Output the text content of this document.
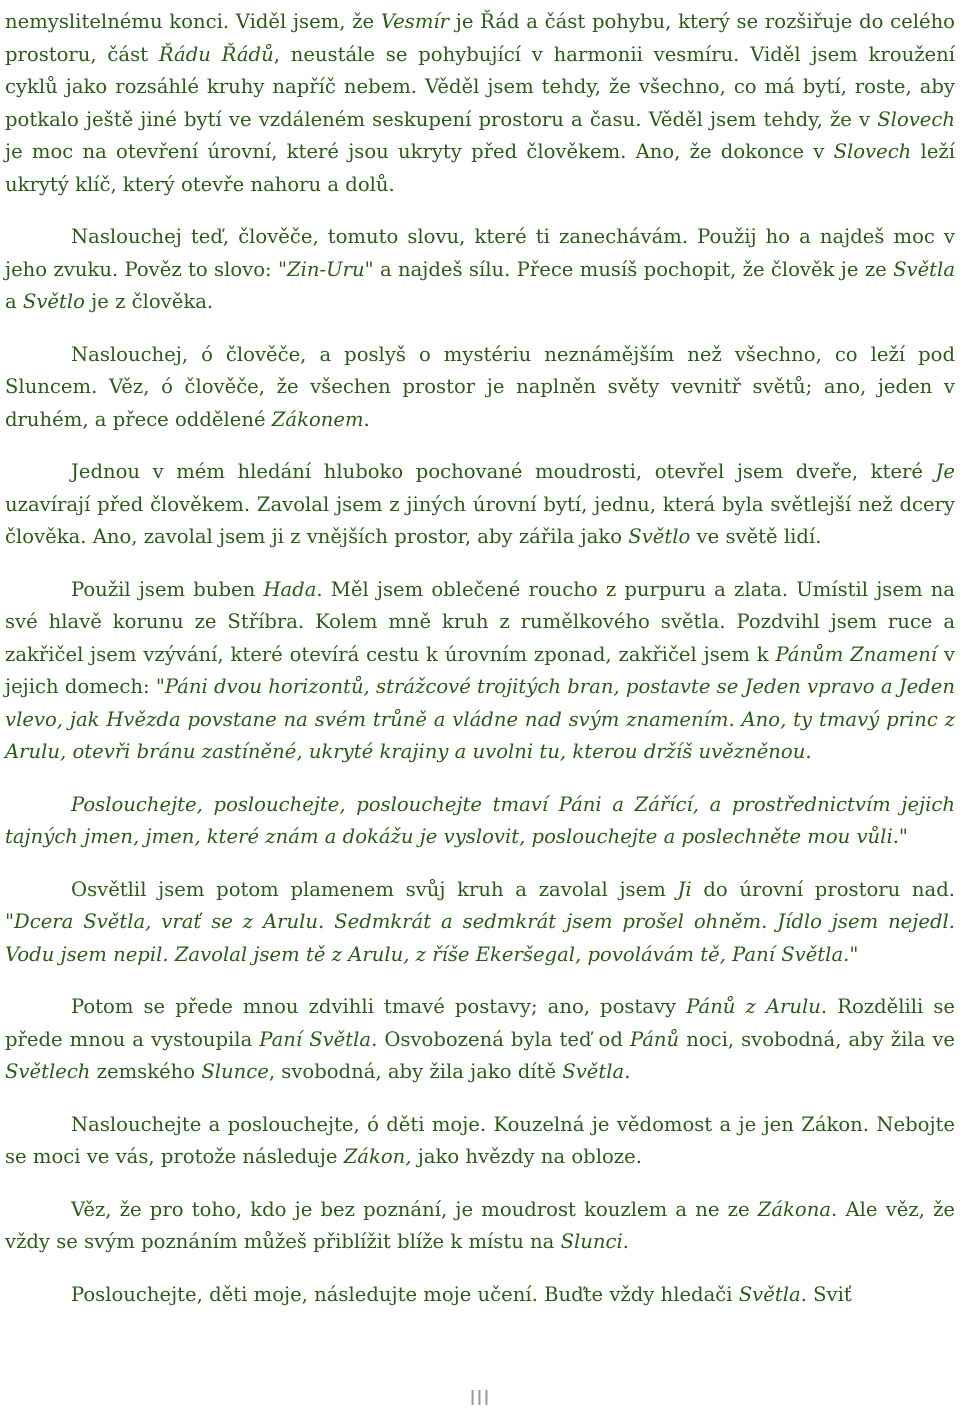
nemyslitelnému konci. Viděl jsem, že Vesmír je Řád a část pohybu, který se rozšiřuje do celého prostoru, část Řádu Řádů, neustále se pohybující v harmonii vesmíru. Viděl jsem kroužení cyklů jako rozsáhlé kruhy napříč nebem. Věděl jsem tehdy, že všechno, co má bytí, roste, aby potkalo ještě jiné bytí ve vzdáleném seskupení prostoru a času. Věděl jsem tehdy, že v Slovech je moc na otevření úrovní, které jsou ukryty před člověkem. Ano, že dokonce v Slovech leží ukrytý klíč, který otevře nahoru a dolů.

Naslouchej teď, člověče, tomuto slovu, které ti zanechávám. Použij ho a najdeš moc v jeho zvuku. Pověz to slovo: "Zin-Uru" a najdeš sílu. Přece musíš pochopit, že člověk je ze Světla a Světlo je z člověka.

Naslouchej, ó člověče, a poslyš o mystériu neznámějším než všechno, co leží pod Sluncem. Věz, ó člověče, že všechen prostor je naplněn světy vevnitř světů; ano, jeden v druhém, a přece oddělené Zákonem.

Jednou v mém hledání hluboko pochované moudrosti, otevřel jsem dveře, které Je uzavírají před člověkem. Zavolal jsem z jiných úrovní bytí, jednu, která byla světlejší než dcery člověka. Ano, zavolal jsem ji z vnějších prostor, aby zářila jako Světlo ve světě lidí.

Použil jsem buben Hada. Měl jsem oblečené roucho z purpuru a zlata. Umístil jsem na své hlavě korunu ze Stříbra. Kolem mně kruh z rumělkového světla. Pozdvihl jsem ruce a zakřičel jsem vzývání, které otevírá cestu k úrovním zponad, zakřičel jsem k Pánům Znamení v jejich domech: "Páni dvou horizontů, strážcové trojitých bran, postavte se Jeden vpravo a Jeden vlevo, jak Hvězda povstane na svém trůně a vládne nad svým znamením. Ano, ty tmavý princ z Arulu, otevři bránu zastíněné, ukryté krajiny a uvolni tu, kterou držíš uvězněnou.

Poslouchejte, poslouchejte, poslouchejte tmaví Páni a Zářící, a prostřednictvím jejich tajných jmen, jmen, které znám a dokážu je vyslovit, poslouchejte a poslechněte mou vůli."

Osvětlil jsem potom plamenem svůj kruh a zavolal jsem Ji do úrovní prostoru nad. "Dcera Světla, vrať se z Arulu. Sedmkrát a sedmkrát jsem prošel ohněm. Jídlo jsem nejedl. Vodu jsem nepil. Zavolal jsem tě z Arulu, z říše Ekeršegal, povolávám tě, Paní Světla."

Potom se přede mnou zdvihli tmavé postavy; ano, postavy Pánů z Arulu. Rozdělili se přede mnou a vystoupila Paní Světla. Osvobozená byla teď od Pánů noci, svobodná, aby žila ve Světlech zemského Slunce, svobodná, aby žila jako dítě Světla.

Naslouchejte a poslouchejte, ó děti moje. Kouzelná je vědomost a je jen Zákon. Nebojte se moci ve vás, protože následuje Zákon, jako hvězdy na obloze.

Věz, že pro toho, kdo je bez poznání, je moudrost kouzlem a ne ze Zákona. Ale věz, že vždy se svým poznáním můžeš přiblížit blíže k místu na Slunci.

Poslouchejte, děti moje, následujte moje učení. Buďte vždy hledači Světla. Sviť

III
